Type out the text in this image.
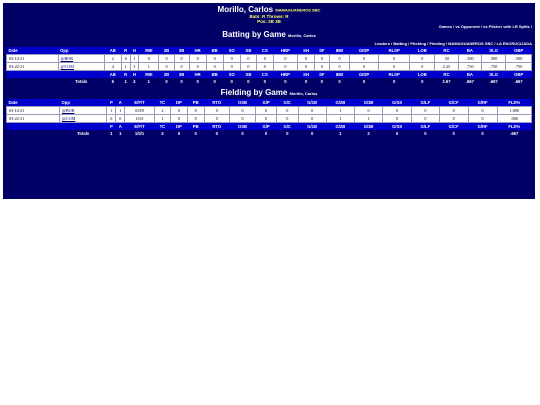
Morillo, Carlos MAMAGUANEROS SBC
Bats: R Throws: R
Pos: 2B 3B
Games / vs Opponent / vs Pitcher with LR Splits /
Batting by Game Morillo, Carlos
Leaders / Batting / Pitching / Fielding / MAMAGUANEROS SBC / LA ENCRUCIJADA
Date	Opp	AB	R	H	RBI	2B	3B	HR	BB	SO	SB	CS	HBP	SH	SF	IBB	GIDP	RLSP	LOB	RC	BA	SLG	OBP
03-14-21	@BOR	2	0	1	0	0	0	0	0	0	0	0	0	0	0	0	0	0	0	.50	.500	.500	.500
03-22-21	@COM	4	1	3	1	0	0	0	0	0	0	0	0	0	0	0	0	0	0	2.25	.750	.750	.750
		AB	R	H	RBI	2B	3B	HR	BB	SO	SB	CS	HBP	SH	SF	IBB	GIDP	RLSP	LOB	RC	BA	SLG	OBP
	Totals	6	1	4	1	0	0	0	0	0	0	0	0	0	0	0	0	0	0	2.67	.667	.667	.667
Fielding by Game Morillo, Carlos
Date	Opp	P	A	E/F/T	TC	DP	PB	RTO	OSB	G/P	G/C	G/1B	G/2B	G/3B	G/SS	G/LF	G/CF	G/RF	FLD%
03-14-21	@BOR	1	1	0/0/0	2	0	0	0	0	0	0	0	1	0	0	0	0	0	1.000
03-22-21	@COM	0	0	1/0/1	1	0	0	0	0	0	0	0	1	1	0	0	0	0	.000
		P	A	E/F/T	TC	DP	PB	RTO	OSB	G/P	G/C	G/1B	G/2B	G/3B	G/SS	G/LF	G/CF	G/RF	FLD%
	Totals	1	1	1/0/1	3	0	0	0	0	0	0	0	1	2	0	0	0	0	.667
